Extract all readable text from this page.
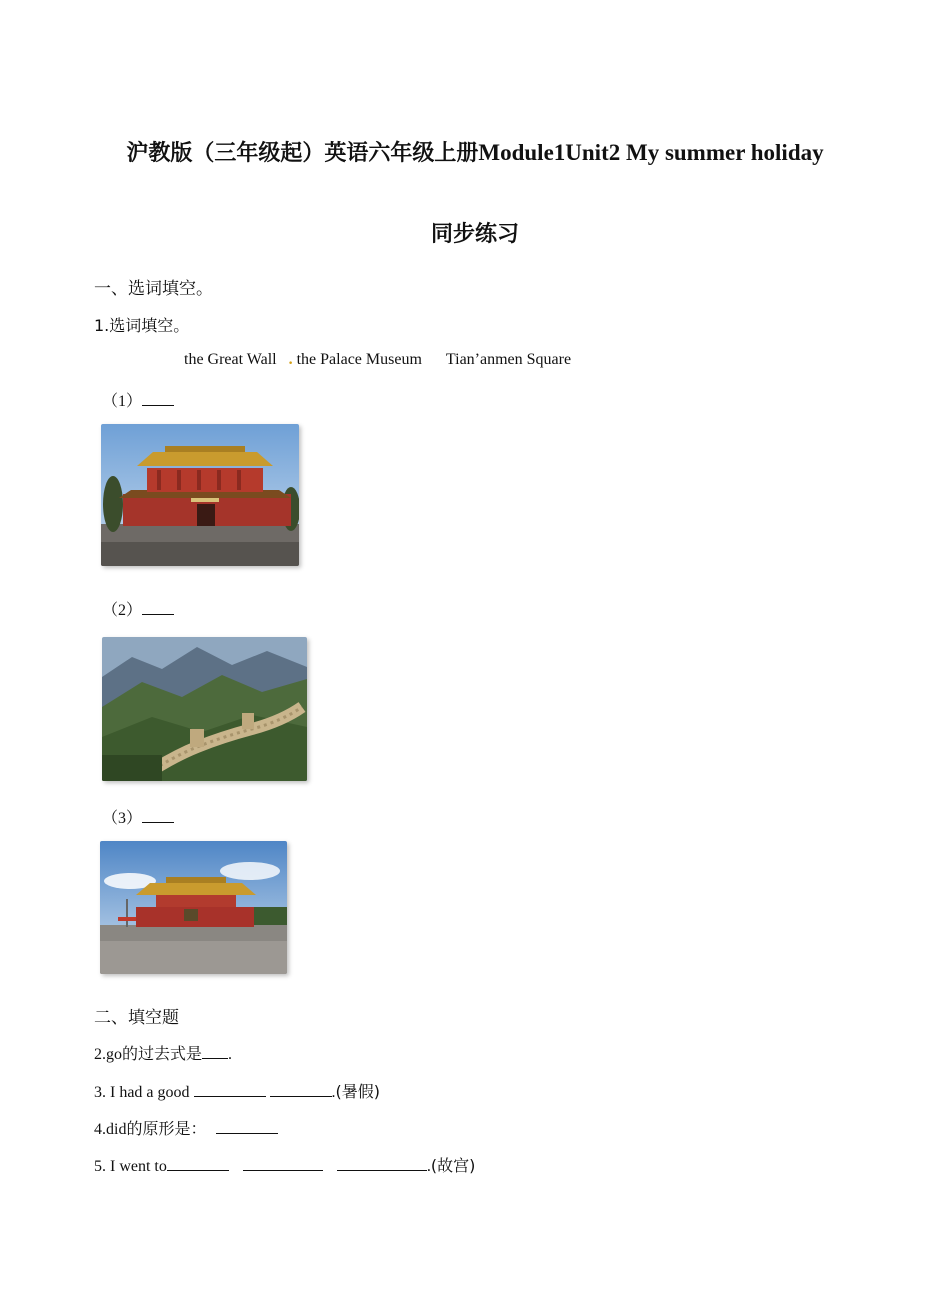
沪教版（三年级起）英语六年级上册Module1Unit2 My summer holiday
同步练习
一、选词填空。
1.选词填空。
the Great Wall . the Palace Museum Tian’anmen Square
（1）
（2）
（3）
二、填空题
2.go的过去式是 .
3. I had a good	.(暑假)
4.did的原形是：
5. I went to	.(故宫)
